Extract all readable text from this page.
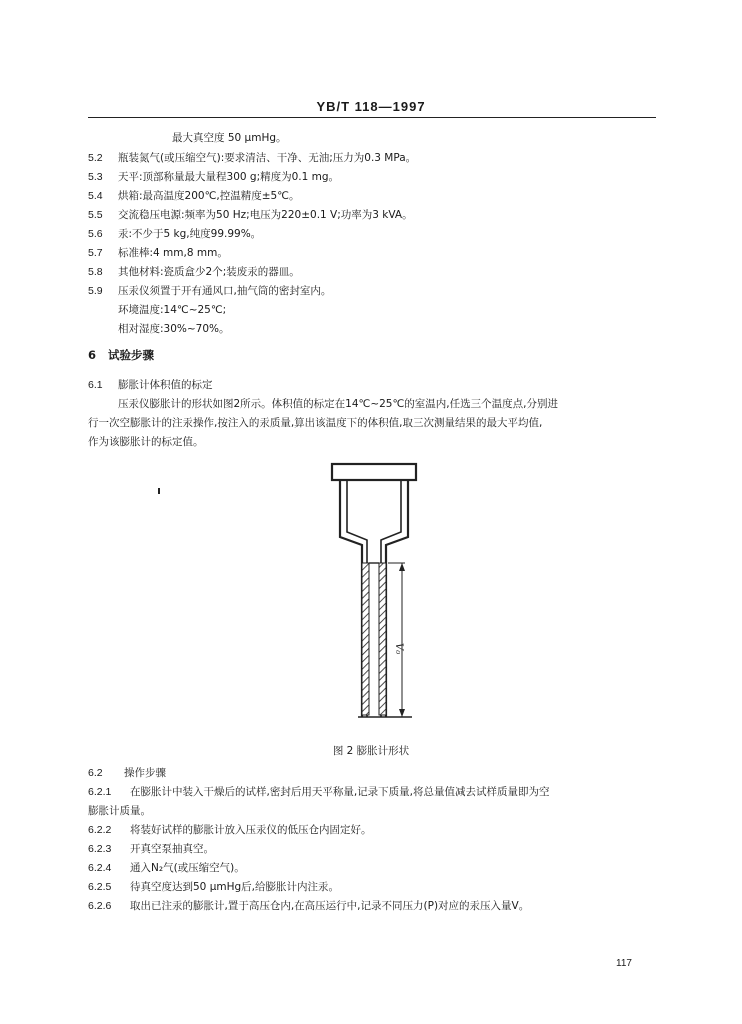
YB/T 118—1997
最大真空度 50 μmHg。
5.2 瓶装氮气(或压缩空气):要求清洁、干净、无油;压力为0.3 MPa。
5.3 天平:顶部称量最大量程300 g;精度为0.1 mg。
5.4 烘箱:最高温度200℃,控温精度±5℃。
5.5 交流稳压电源:频率为50 Hz;电压为220±0.1 V;功率为3 kVA。
5.6 汞:不少于5 kg,纯度99.99%。
5.7 标准棒:4 mm,8 mm。
5.8 其他材料:瓷质盒少2个;装废汞的器皿。
5.9 压汞仪须置于开有通风口,抽气筒的密封室内。
环境温度:14℃~25℃;
相对湿度:30%~70%。
6 试验步骤
6.1 膨胀计体积值的标定
压汞仪膨胀计的形状如图2所示。体积值的标定在14℃~25℃的室温内,任选三个温度点,分别进
行一次空膨胀计的注汞操作,按注入的汞质量,算出该温度下的体积值,取三次测量结果的最大平均值,
作为该膨胀计的标定值。
V₀
图 2 膨胀计形状
6.2 操作步骤
6.2.1 在膨胀计中装入干燥后的试样,密封后用天平称量,记录下质量,将总量值减去试样质量即为空
膨胀计质量。
6.2.2 将装好试样的膨胀计放入压汞仪的低压仓内固定好。
6.2.3 开真空泵抽真空。
6.2.4 通入N₂气(或压缩空气)。
6.2.5 待真空度达到50 μmHg后,给膨胀计内注汞。
6.2.6 取出已注汞的膨胀计,置于高压仓内,在高压运行中,记录不同压力(P)对应的汞压入量V。
117
